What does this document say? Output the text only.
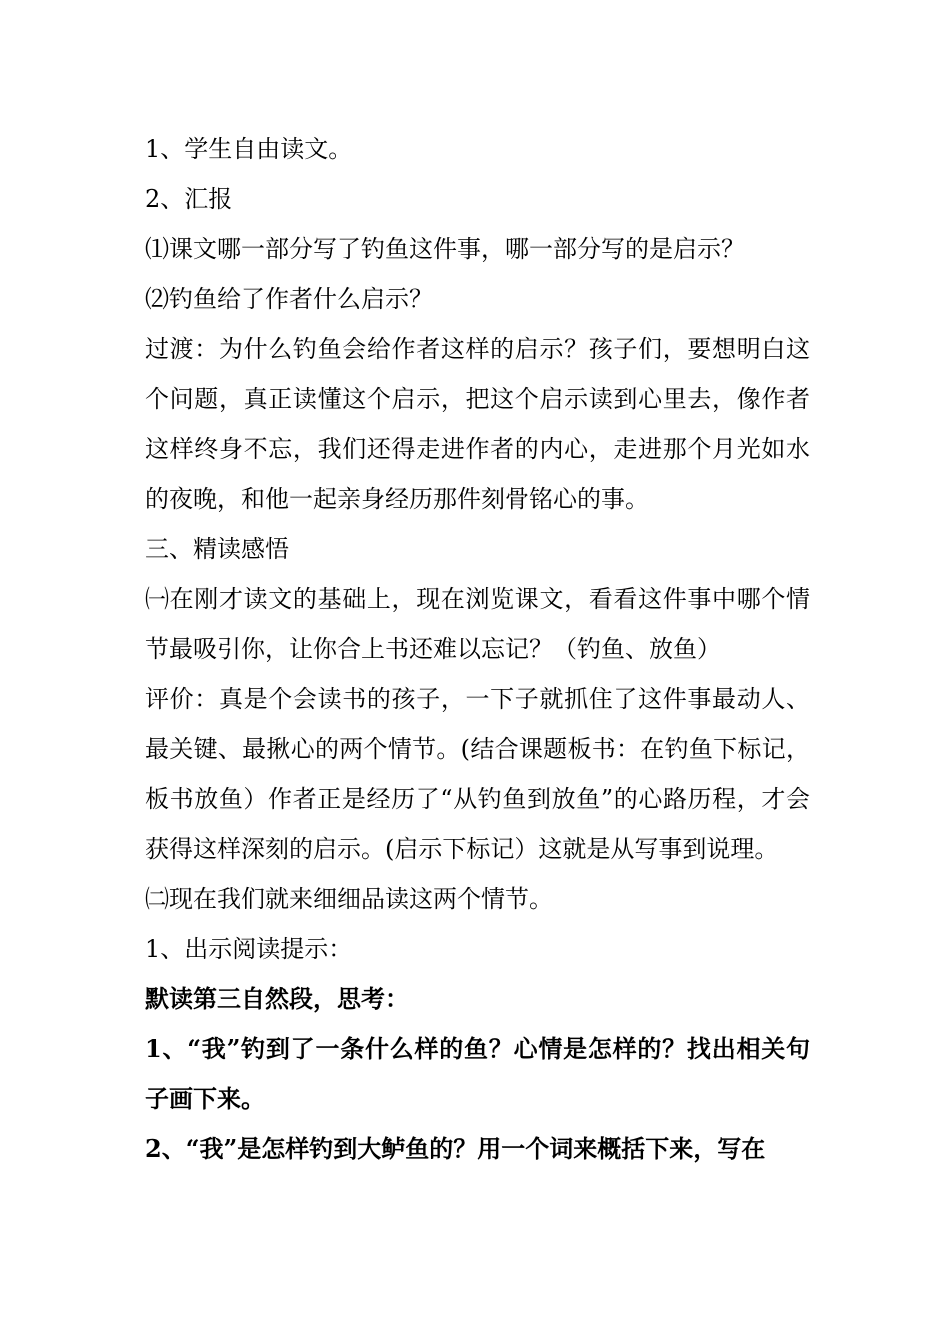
1、学生自由读文。

2、汇报

⑴课文哪一部分写了钓鱼这件事，哪一部分写的是启示？

⑵钓鱼给了作者什么启示？

过渡：为什么钓鱼会给作者这样的启示？孩子们，要想明白这个问题，真正读懂这个启示，把这个启示读到心里去，像作者这样终身不忘，我们还得走进作者的内心，走进那个月光如水的夜晚，和他一起亲身经历那件刻骨铭心的事。

三、精读感悟

㈠在刚才读文的基础上，现在浏览课文，看看这件事中哪个情节最吸引你，让你合上书还难以忘记？（钓鱼、放鱼）

评价：真是个会读书的孩子，一下子就抓住了这件事最动人、最关键、最揪心的两个情节。(结合课题板书：在钓鱼下标记，板书放鱼）作者正是经历了“从钓鱼到放鱼”的心路历程，才会获得这样深刻的启示。(启示下标记）这就是从写事到说理。

㈡现在我们就来细细品读这两个情节。

1、出示阅读提示：

默读第三自然段，思考：

1、“我”钓到了一条什么样的鱼？心情是怎样的？找出相关句子画下来。

2、“我”是怎样钓到大鲈鱼的？用一个词来概括下来，写在
